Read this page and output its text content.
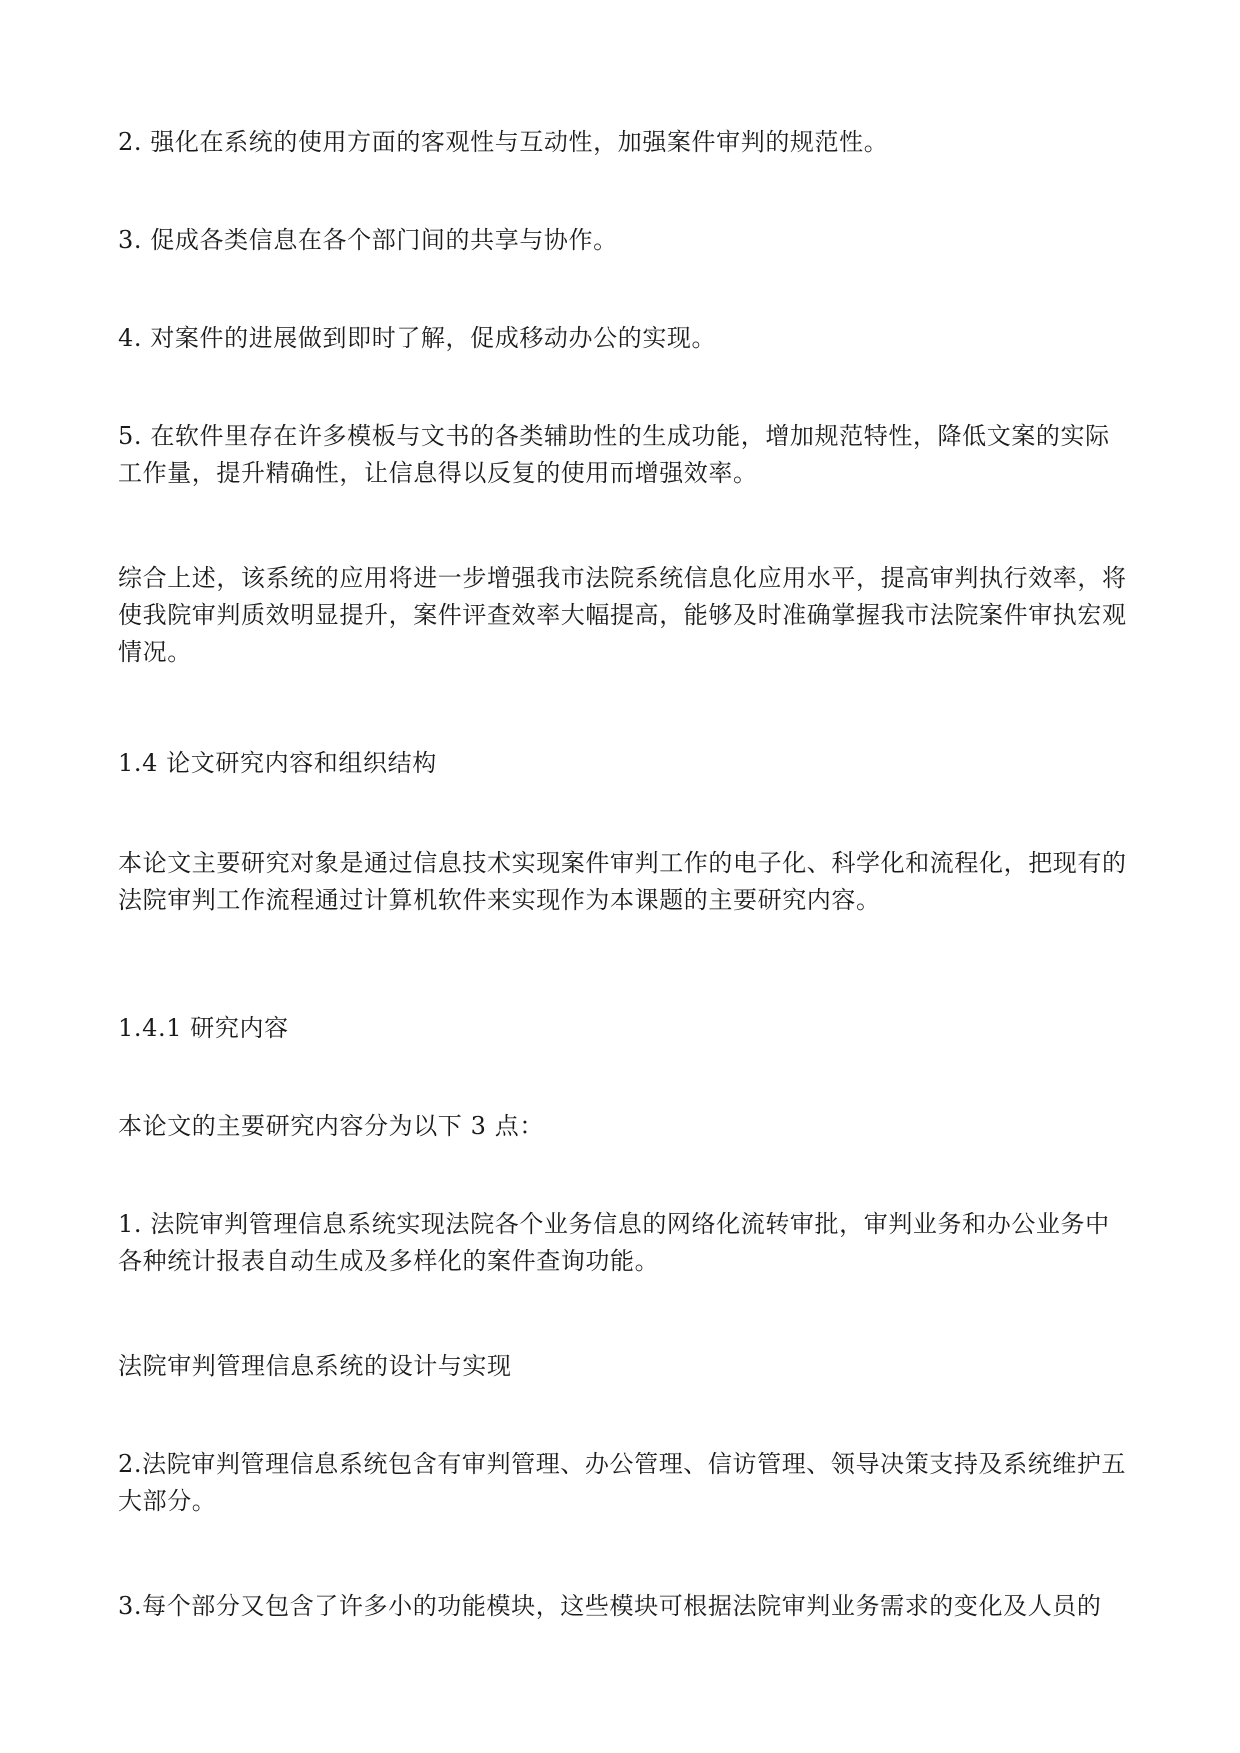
2. 强化在系统的使用方面的客观性与互动性，加强案件审判的规范性。

3. 促成各类信息在各个部门间的共享与协作。

4. 对案件的进展做到即时了解，促成移动办公的实现。

5. 在软件里存在许多模板与文书的各类辅助性的生成功能，增加规范特性，降低文案的实际工作量，提升精确性，让信息得以反复的使用而增强效率。

综合上述，该系统的应用将进一步增强我市法院系统信息化应用水平，提高审判执行效率，将使我院审判质效明显提升，案件评查效率大幅提高，能够及时准确掌握我市法院案件审执宏观情况。

1.4 论文研究内容和组织结构

本论文主要研究对象是通过信息技术实现案件审判工作的电子化、科学化和流程化，把现有的法院审判工作流程通过计算机软件来实现作为本课题的主要研究内容。

1.4.1 研究内容

本论文的主要研究内容分为以下 3 点：

1. 法院审判管理信息系统实现法院各个业务信息的网络化流转审批，审判业务和办公业务中各种统计报表自动生成及多样化的案件查询功能。

法院审判管理信息系统的设计与实现

2.法院审判管理信息系统包含有审判管理、办公管理、信访管理、领导决策支持及系统维护五大部分。

3.每个部分又包含了许多小的功能模块，这些模块可根据法院审判业务需求的变化及人员的
